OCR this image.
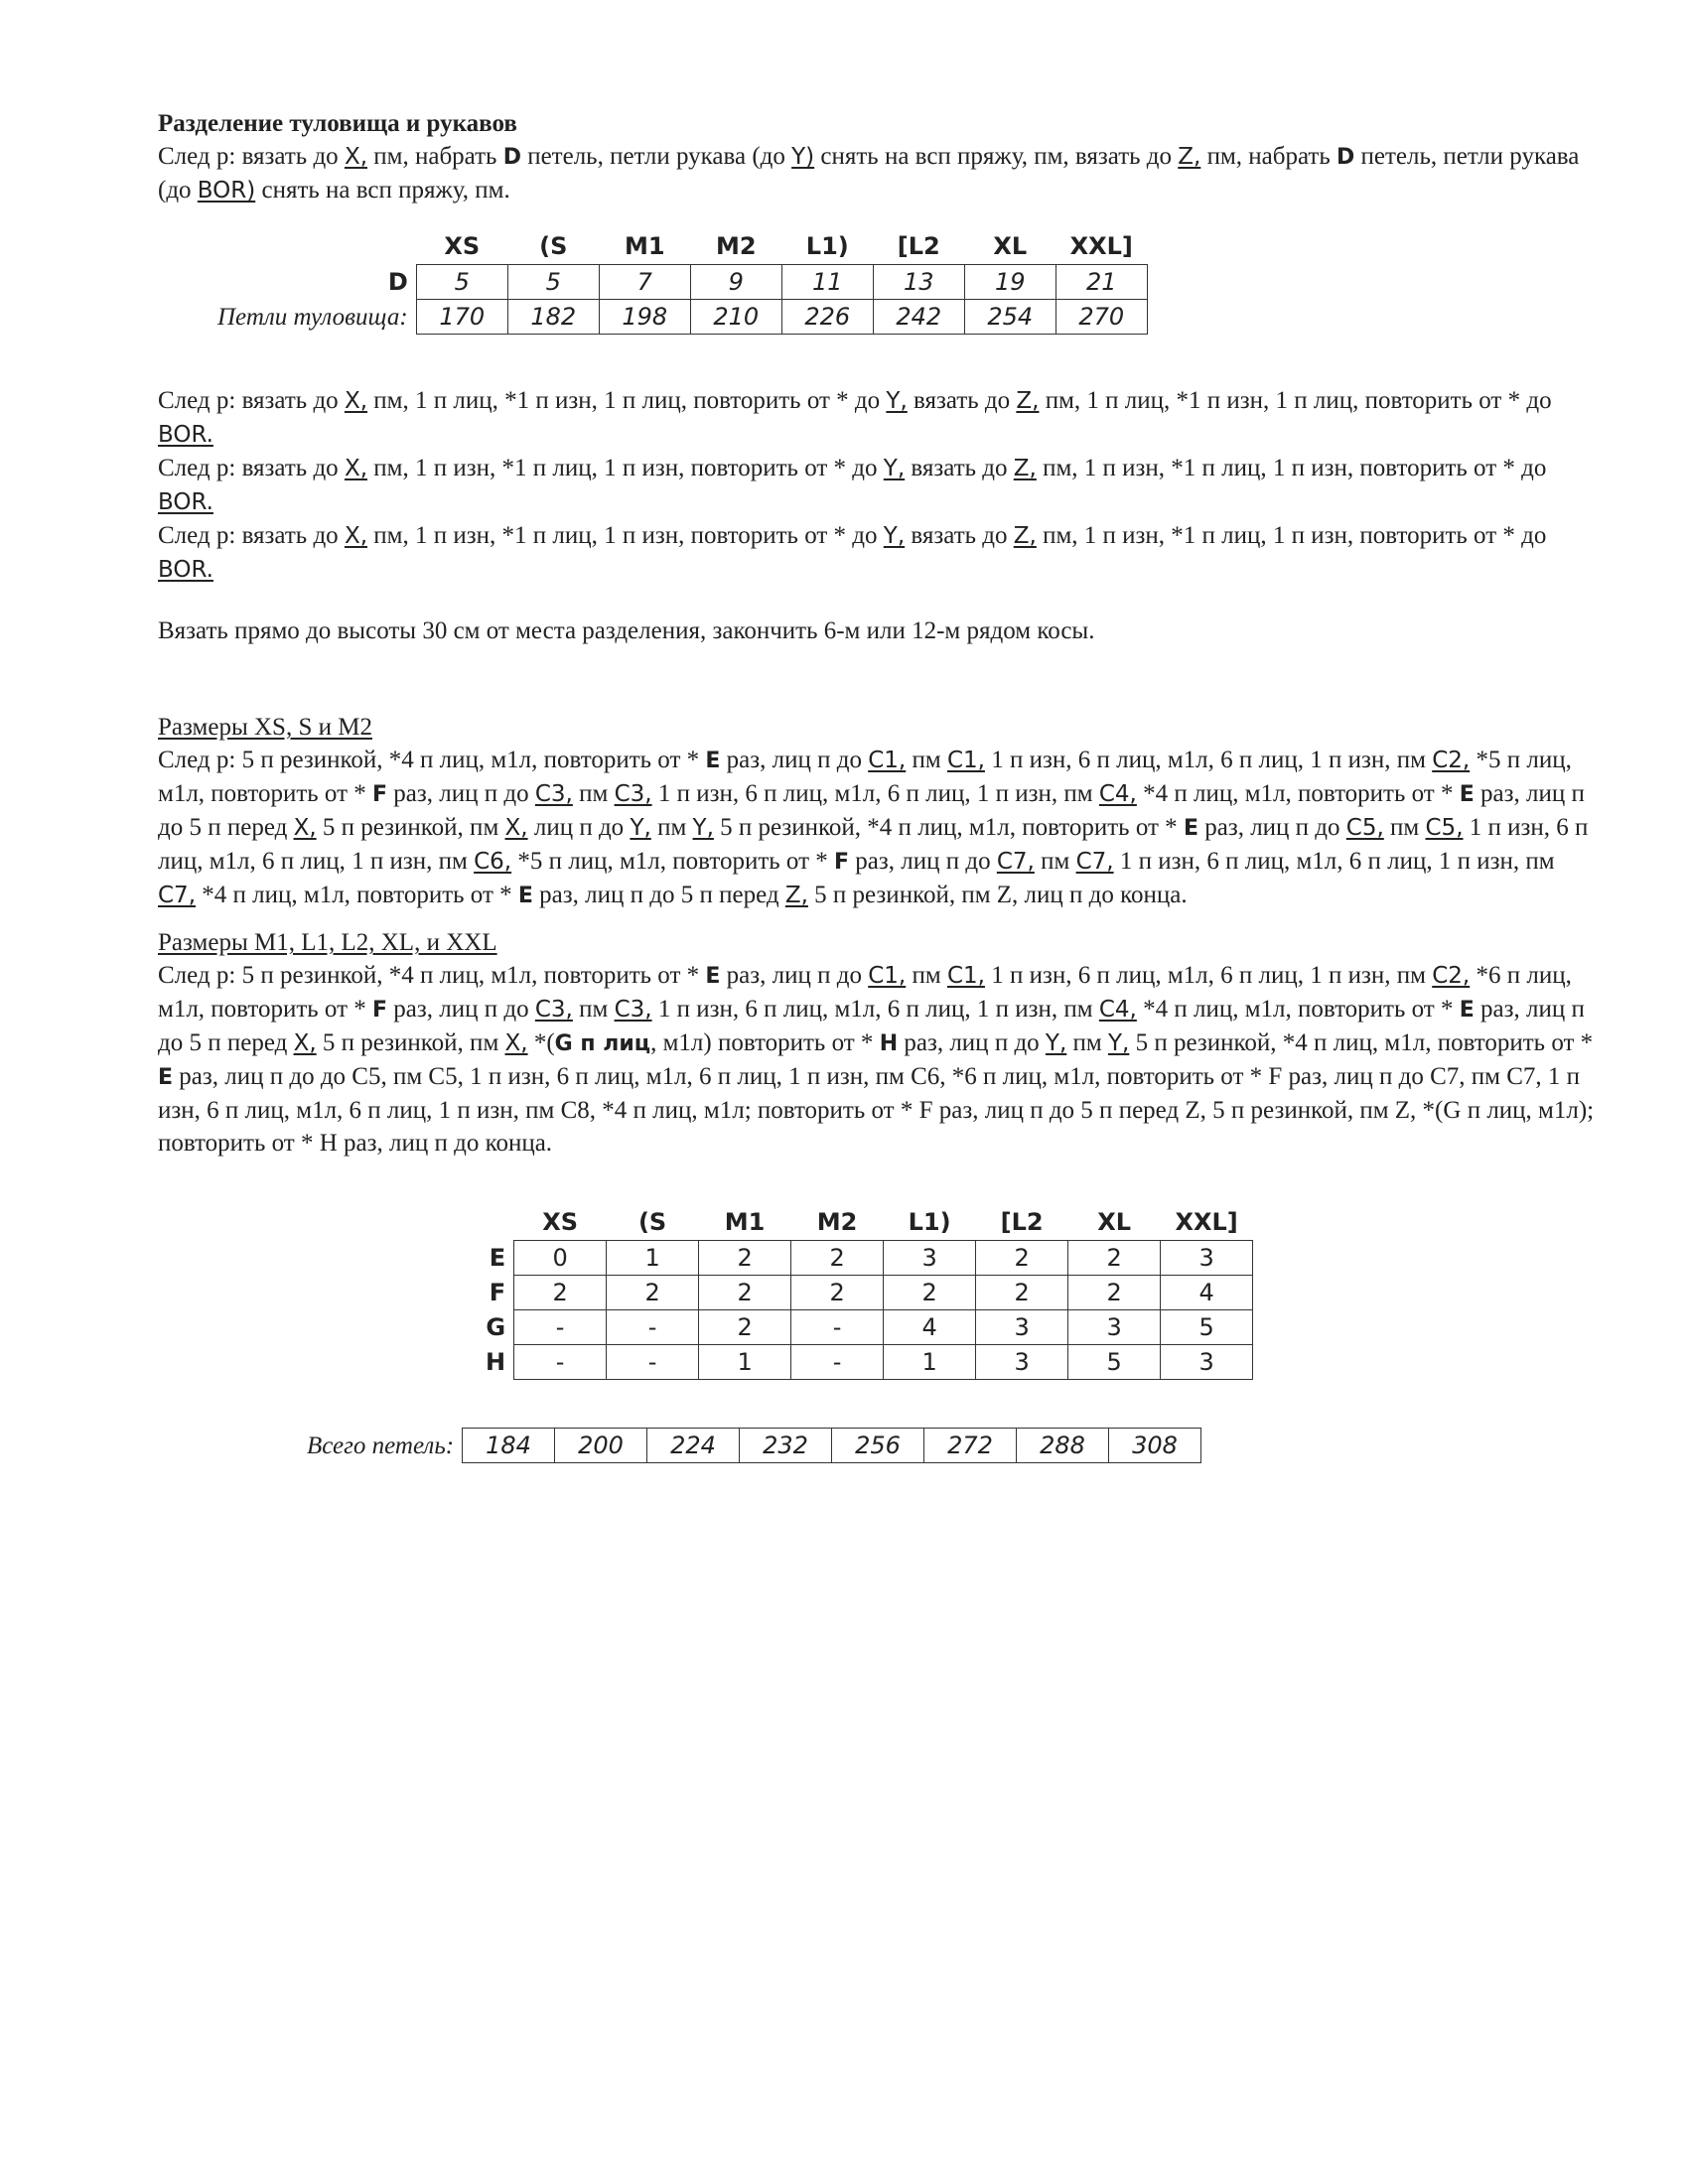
Разделение туловища и рукавов

След р: вязать до X, пм, набрать D петель, петли рукава (до Y) снять на всп пряжу, пм, вязать до Z, пм, набрать D петель, петли рукава (до BOR) снять на всп пряжу, пм.

	XS	(S	M1	M2	L1)	[L2	XL	XXL]
D	5	5	7	9	11	13	19	21
Петли туловища:	170	182	198	210	226	242	254	270

След р: вязать до X, пм, 1 п лиц, *1 п изн, 1 п лиц, повторить от * до Y, вязать до Z, пм, 1 п лиц, *1 п изн, 1 п лиц, повторить от * до BOR.

След р: вязать до X, пм, 1 п изн, *1 п лиц, 1 п изн, повторить от * до Y, вязать до Z, пм, 1 п изн, *1 п лиц, 1 п изн, повторить от * до BOR.

След р: вязать до X, пм, 1 п изн, *1 п лиц, 1 п изн, повторить от * до Y, вязать до Z, пм, 1 п изн, *1 п лиц, 1 п изн, повторить от * до BOR.

Вязать прямо до высоты 30 см от места разделения, закончить 6-м или 12-м рядом косы.

Размеры XS, S и M2

След р: 5 п резинкой, *4 п лиц, м1л, повторить от * E раз, лиц п до C1, пм C1, 1 п изн, 6 п лиц, м1л, 6 п лиц, 1 п изн, пм C2, *5 п лиц, м1л, повторить от * F раз, лиц п до C3, пм C3, 1 п изн, 6 п лиц, м1л, 6 п лиц, 1 п изн, пм C4, *4 п лиц, м1л, повторить от * E раз, лиц п до 5 п перед X, 5 п резинкой, пм X, лиц п до Y, пм Y, 5 п резинкой, *4 п лиц, м1л, повторить от * E раз, лиц п до C5, пм C5, 1 п изн, 6 п лиц, м1л, 6 п лиц, 1 п изн, пм C6, *5 п лиц, м1л, повторить от * F раз, лиц п до C7, пм C7, 1 п изн, 6 п лиц, м1л, 6 п лиц, 1 п изн, пм C7, *4 п лиц, м1л, повторить от * E раз, лиц п до 5 п перед Z, 5 п резинкой, пм Z, лиц п до конца.

Размеры M1, L1, L2, XL, и XXL

След р: 5 п резинкой, *4 п лиц, м1л, повторить от * E раз, лиц п до C1, пм C1, 1 п изн, 6 п лиц, м1л, 6 п лиц, 1 п изн, пм C2, *6 п лиц, м1л, повторить от * F раз, лиц п до C3, пм C3, 1 п изн, 6 п лиц, м1л, 6 п лиц, 1 п изн, пм C4, *4 п лиц, м1л, повторить от * E раз, лиц п до 5 п перед X, 5 п резинкой, пм X, *(G п лиц, м1л) повторить от * H раз, лиц п до Y, пм Y, 5 п резинкой, *4 п лиц, м1л, повторить от * E раз, лиц п до до С5, пм С5, 1 п изн, 6 п лиц, м1л, 6 п лиц, 1 п изн, пм С6, *6 п лиц, м1л, повторить от * F раз, лиц п до С7, пм С7, 1 п изн, 6 п лиц, м1л, 6 п лиц, 1 п изн, пм С8, *4 п лиц, м1л; повторить от * F раз, лиц п до 5 п перед Z, 5 п резинкой, пм Z, *(G п лиц, м1л); повторить от * H раз, лиц п до конца.

	XS	(S	M1	M2	L1)	[L2	XL	XXL]
E	0	1	2	2	3	2	2	3
F	2	2	2	2	2	2	2	4
G	-	-	2	-	4	3	3	5
H	-	-	1	-	1	3	5	3
Всего петель:	184	200	224	232	256	272	288	308
